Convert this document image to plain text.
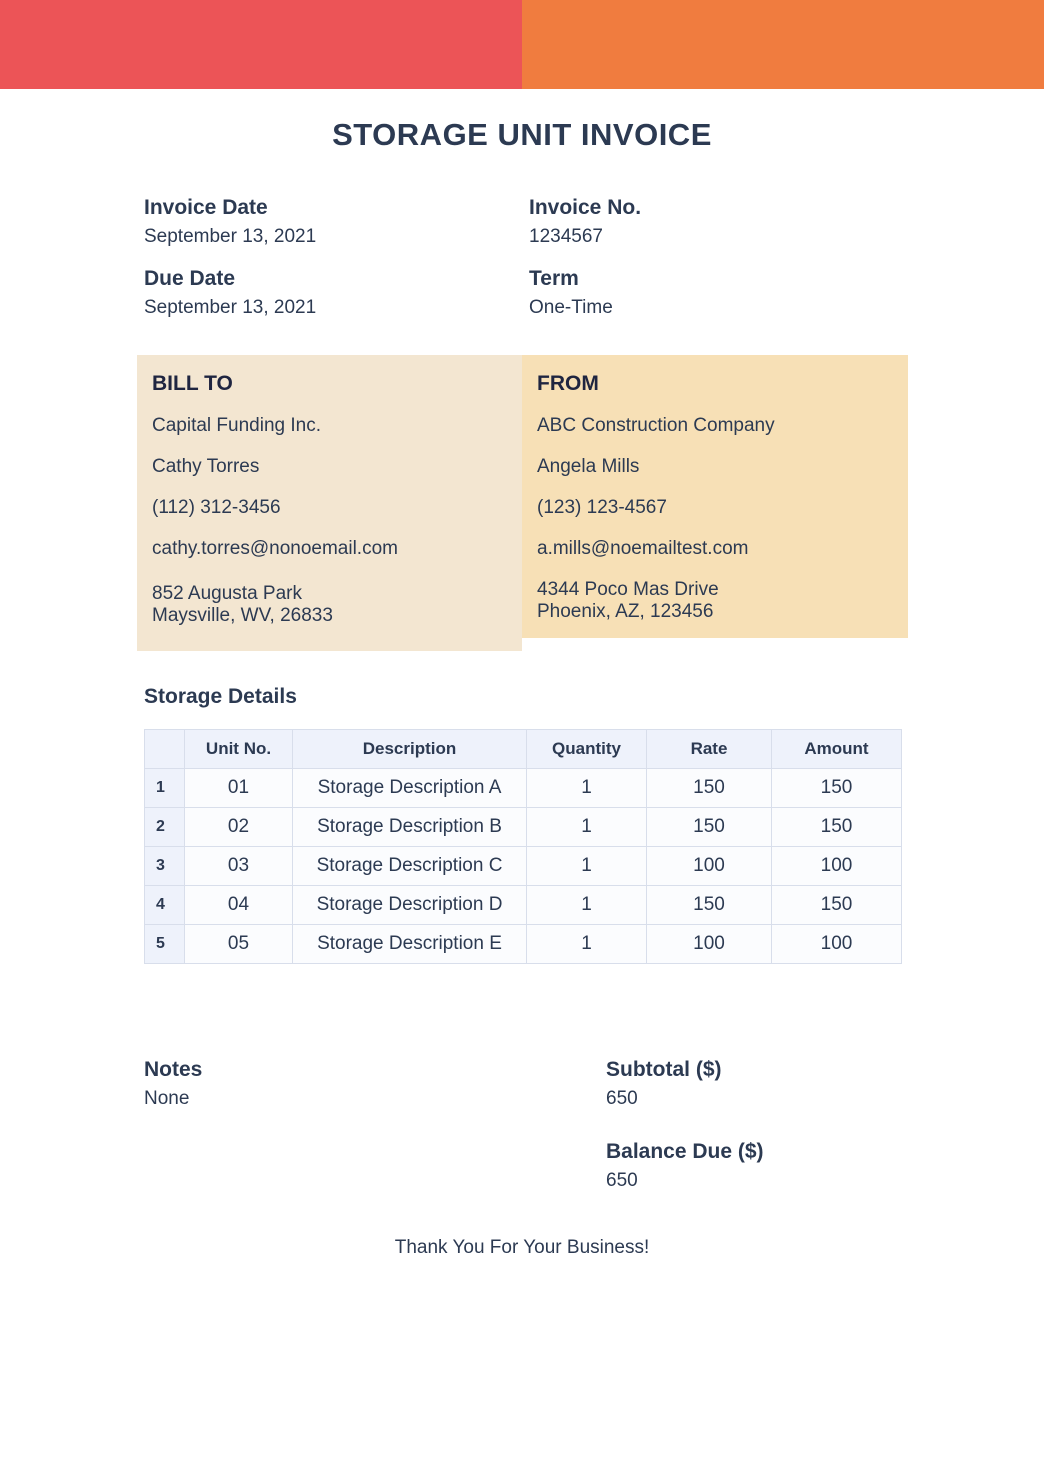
STORAGE UNIT INVOICE
Invoice Date
September 13, 2021
Invoice No.
1234567
Due Date
September 13, 2021
Term
One-Time
BILL TO
Capital Funding Inc.
Cathy Torres
(112) 312-3456
cathy.torres@nonoemail.com
852 Augusta Park
Maysville, WV, 26833
FROM
ABC Construction Company
Angela Mills
(123) 123-4567
a.mills@noemailtest.com
4344 Poco Mas Drive
Phoenix, AZ, 123456
Storage Details
	Unit No.	Description	Quantity	Rate	Amount
1	01	Storage Description A	1	150	150
2	02	Storage Description B	1	150	150
3	03	Storage Description C	1	100	100
4	04	Storage Description D	1	150	150
5	05	Storage Description E	1	100	100
Notes
None
Subtotal ($)
650
Balance Due ($)
650
Thank You For Your Business!
